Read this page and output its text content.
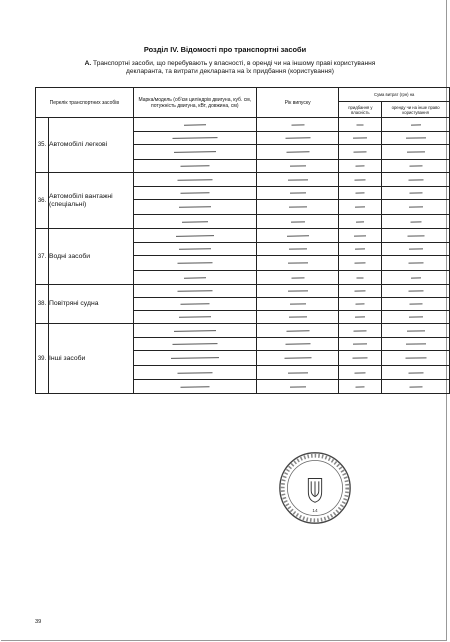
Розділ IV. Відомості про транспортні засоби
А. Транспортні засоби, що перебувають у власності, в оренді чи на іншому праві користування декларанта, та витрати декларанта на їх придбання (користування)
Перелік транспортних засобів		Марка/модель (об'єм циліндрів двигуна, куб. см, потужність двигуна, кВт, довжина, см)	Рік випуску	Сума витрат (грн) на	
				придбання у власність	оренду чи на інше право користування
35.	Автомобілі легкові	

36.	Автомобілі вантажні (спеціальні)	

37.	Водні засоби	

38.	Повітряні судна	

39.	Інші засоби	

14
39
